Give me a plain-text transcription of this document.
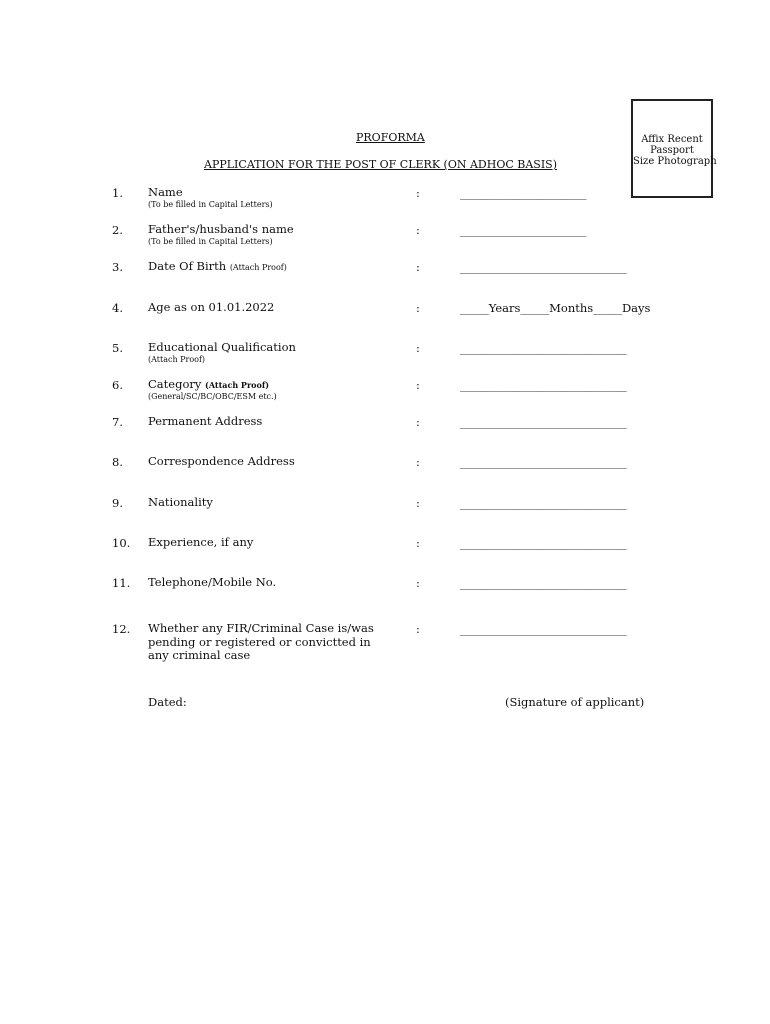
Affix Recent
Passport
Size Photograph
PROFORMA
APPLICATION FOR THE POST OF CLERK (ON ADHOC BASIS)
1. Name
(To be filled in Capital Letters)
:	______________________
2. Father's/husband's name
(To be filled in Capital Letters)
:	______________________
3. Date Of Birth (Attach Proof)	:	_____________________________
4. Age as on 01.01.2022	:	_____Years_____Months_____Days
5. Educational Qualification
(Attach Proof)
:	_____________________________
6. Category (Attach Proof)
(General/SC/BC/OBC/ESM etc.)
:	_____________________________
7. Permanent Address	:	_____________________________
8. Correspondence Address	:	_____________________________
9. Nationality	:	_____________________________
10. Experience, if any	:	_____________________________
11. Telephone/Mobile No.	:	_____________________________
12. Whether any FIR/Criminal Case is/was
pending or registered or convictted in
any criminal case
:	_____________________________
Dated:	(Signature of applicant)
